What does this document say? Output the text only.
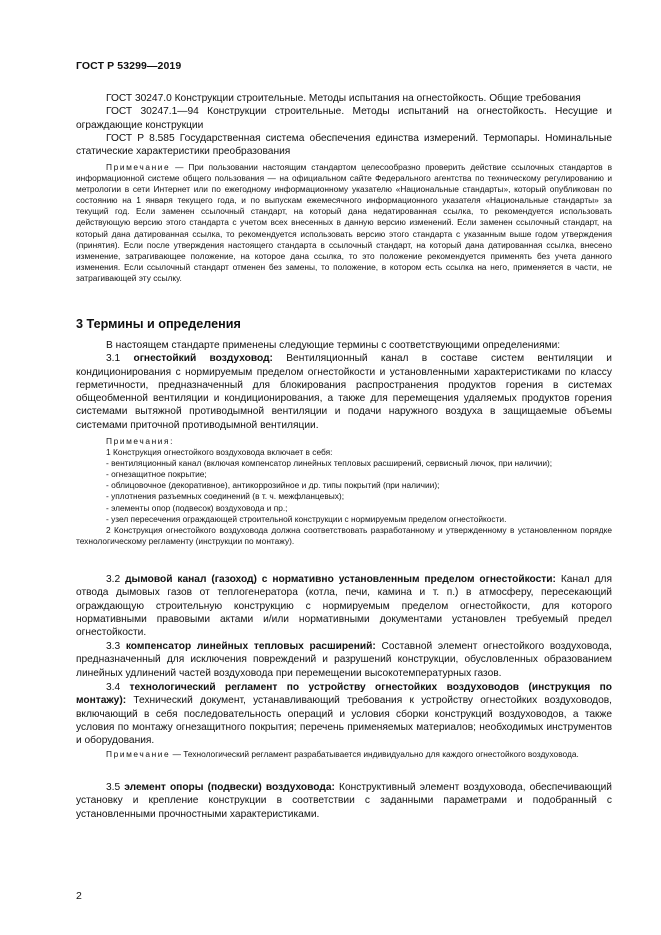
ГОСТ Р 53299—2019

ГОСТ 30247.0 Конструкции строительные. Методы испытания на огнестойкость. Общие требования

ГОСТ 30247.1—94 Конструкции строительные. Методы испытаний на огнестойкость. Несущие и ограждающие конструкции

ГОСТ Р 8.585 Государственная система обеспечения единства измерений. Термопары. Номинальные статические характеристики преобразования

Примечание — При пользовании настоящим стандартом целесообразно проверить действие ссылочных стандартов в информационной системе общего пользования — на официальном сайте Федерального агентства по техническому регулированию и метрологии в сети Интернет или по ежегодному информационному указателю «Национальные стандарты», который опубликован по состоянию на 1 января текущего года, и по выпускам ежемесячного информационного указателя «Национальные стандарты» за текущий год. Если заменен ссылочный стандарт, на который дана недатированная ссылка, то рекомендуется использовать действующую версию этого стандарта с учетом всех внесенных в данную версию изменений. Если заменен ссылочный стандарт, на который дана датированная ссылка, то рекомендуется использовать версию этого стандарта с указанным выше годом утверждения (принятия). Если после утверждения настоящего стандарта в ссылочный стандарт, на который дана датированная ссылка, внесено изменение, затрагивающее положение, на которое дана ссылка, то это положение рекомендуется применять без учета данного изменения. Если ссылочный стандарт отменен без замены, то положение, в котором есть ссылка на него, применяется в части, не затрагивающей эту ссылку.

3 Термины и определения

В настоящем стандарте применены следующие термины с соответствующими определениями:

3.1 огнестойкий воздуховод: Вентиляционный канал в составе систем вентиляции и кондиционирования с нормируемым пределом огнестойкости и установленными характеристиками по классу герметичности, предназначенный для блокирования распространения продуктов горения в системах общеобменной вентиляции и кондиционирования, а также для перемещения удаляемых продуктов горения системами вытяжной противодымной вентиляции и подачи наружного воздуха в защищаемые объемы системами приточной противодымной вентиляции.

Примечания:

1 Конструкция огнестойкого воздуховода включает в себя:

- вентиляционный канал (включая компенсатор линейных тепловых расширений, сервисный лючок, при наличии);

- огнезащитное покрытие;

- облицовочное (декоративное), антикоррозийное и др. типы покрытий (при наличии);

- уплотнения разъемных соединений (в т. ч. межфланцевых);

- элементы опор (подвесок) воздуховода и пр.;

- узел пересечения ограждающей строительной конструкции с нормируемым пределом огнестойкости.

2 Конструкция огнестойкого воздуховода должна соответствовать разработанному и утвержденному в установленном порядке технологическому регламенту (инструкции по монтажу).

3.2 дымовой канал (газоход) с нормативно установленным пределом огнестойкости: Канал для отвода дымовых газов от теплогенератора (котла, печи, камина и т. п.) в атмосферу, пересекающий ограждающую строительную конструкцию с нормируемым пределом огнестойкости, для которого нормативными правовыми актами и/или нормативными документами установлен требуемый предел огнестойкости.

3.3 компенсатор линейных тепловых расширений: Составной элемент огнестойкого воздуховода, предназначенный для исключения повреждений и разрушений конструкции, обусловленных образованием линейных удлинений частей воздуховода при перемещении высокотемпературных газов.

3.4 технологический регламент по устройству огнестойких воздуховодов (инструкция по монтажу): Технический документ, устанавливающий требования к устройству огнестойких воздуховодов, включающий в себя последовательность операций и условия сборки конструкций воздуховодов, а также условия по монтажу огнезащитного покрытия; перечень применяемых материалов; необходимых инструментов и оборудования.

Примечание — Технологический регламент разрабатывается индивидуально для каждого огнестойкого воздуховода.

3.5 элемент опоры (подвески) воздуховода: Конструктивный элемент воздуховода, обеспечивающий установку и крепление конструкции в соответствии с заданными параметрами и подобранный с установленными прочностными характеристиками.

2
